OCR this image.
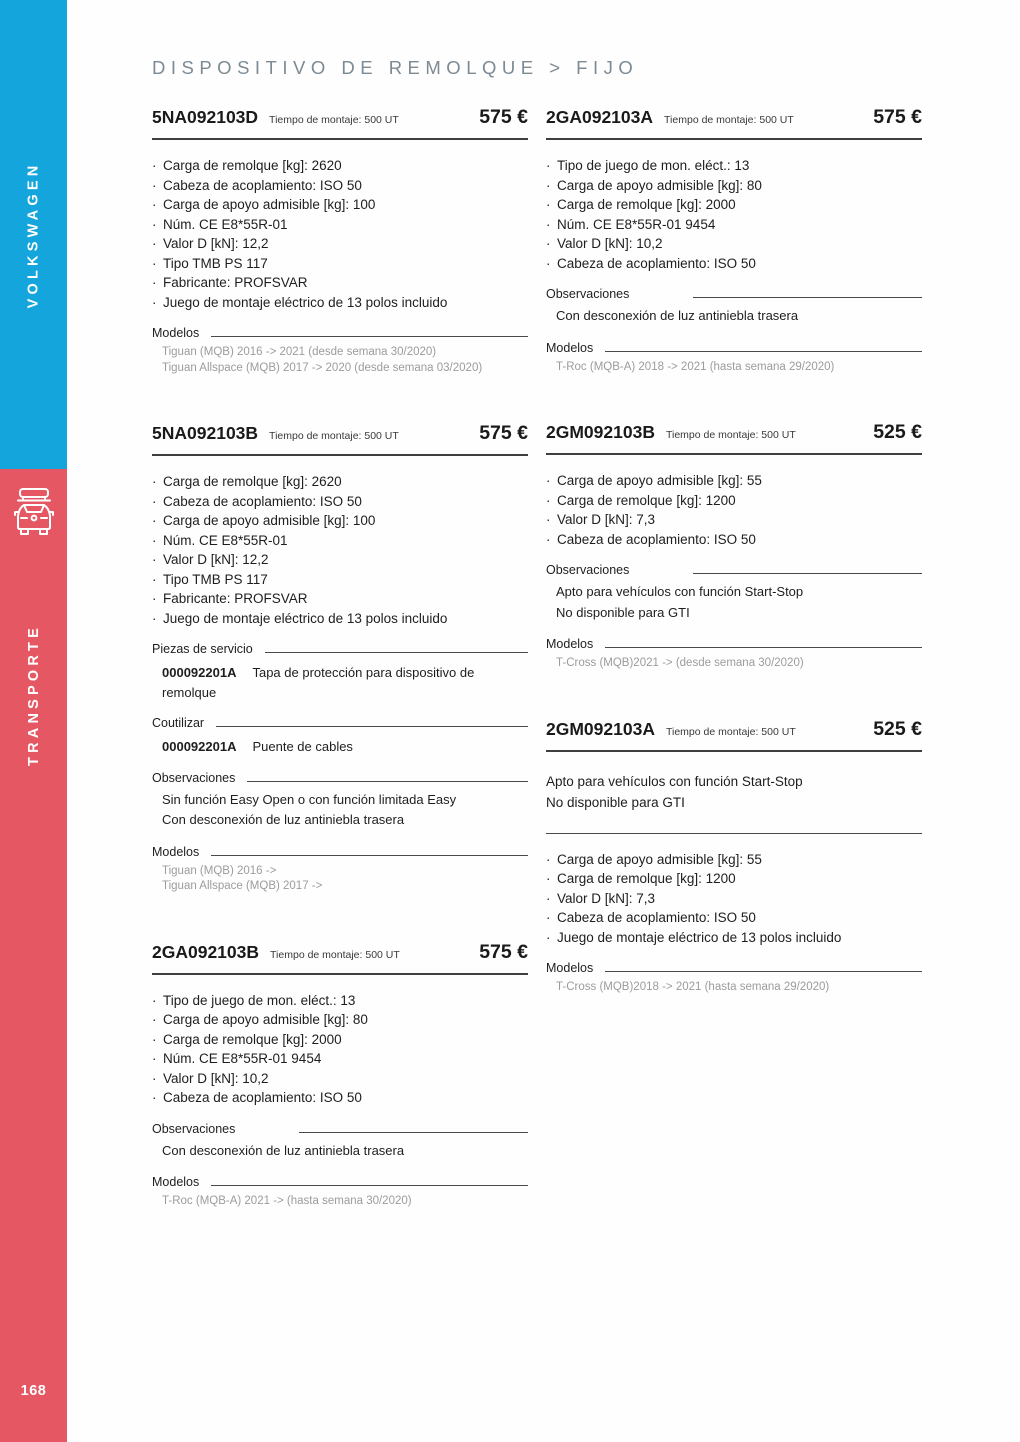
VOLKSWAGEN
TRANSPORTE
168
DISPOSITIVO DE REMOLQUE > FIJO
5NA092103D Tiempo de montaje: 500 UT	575 €
· Carga de remolque [kg]: 2620
· Cabeza de acoplamiento: ISO 50
· Carga de apoyo admisible [kg]: 100
· Núm. CE E8*55R-01
· Valor D [kN]: 12,2
· Tipo TMB PS 117
· Fabricante: PROFSVAR
· Juego de montaje eléctrico de 13 polos incluido
Modelos
Tiguan (MQB) 2016 -> 2021 (desde semana 30/2020)
Tiguan Allspace (MQB) 2017 -> 2020 (desde semana 03/2020)
5NA092103B Tiempo de montaje: 500 UT	575 €
· Carga de remolque [kg]: 2620
· Cabeza de acoplamiento: ISO 50
· Carga de apoyo admisible [kg]: 100
· Núm. CE E8*55R-01
· Valor D [kN]: 12,2
· Tipo TMB PS 117
· Fabricante: PROFSVAR
· Juego de montaje eléctrico de 13 polos incluido
Piezas de servicio
000092201A Tapa de protección para dispositivo de remolque
Coutilizar
000092201A Puente de cables
Observaciones
Sin función Easy Open o con función limitada Easy
Con desconexión de luz antiniebla trasera
Modelos
Tiguan (MQB) 2016 ->
Tiguan Allspace (MQB) 2017 ->
2GA092103B Tiempo de montaje: 500 UT	575 €
· Tipo de juego de mon. eléct.: 13
· Carga de apoyo admisible [kg]: 80
· Carga de remolque [kg]: 2000
· Núm. CE E8*55R-01 9454
· Valor D [kN]: 10,2
· Cabeza de acoplamiento: ISO 50
Observaciones
Con desconexión de luz antiniebla trasera
Modelos
T-Roc (MQB-A) 2021 -> (hasta semana 30/2020)
2GA092103A Tiempo de montaje: 500 UT	575 €
· Tipo de juego de mon. eléct.: 13
· Carga de apoyo admisible [kg]: 80
· Carga de remolque [kg]: 2000
· Núm. CE E8*55R-01 9454
· Valor D [kN]: 10,2
· Cabeza de acoplamiento: ISO 50
Observaciones
Con desconexión de luz antiniebla trasera
Modelos
T-Roc (MQB-A) 2018 -> 2021 (hasta semana 29/2020)
2GM092103B Tiempo de montaje: 500 UT	525 €
· Carga de apoyo admisible [kg]: 55
· Carga de remolque [kg]: 1200
· Valor D [kN]: 7,3
· Cabeza de acoplamiento: ISO 50
Observaciones
Apto para vehículos con función Start-Stop
No disponible para GTI
Modelos
T-Cross (MQB)2021 -> (desde semana 30/2020)
2GM092103A Tiempo de montaje: 500 UT	525 €
Apto para vehículos con función Start-Stop
No disponible para GTI
· Carga de apoyo admisible [kg]: 55
· Carga de remolque [kg]: 1200
· Valor D [kN]: 7,3
· Cabeza de acoplamiento: ISO 50
· Juego de montaje eléctrico de 13 polos incluido
Modelos
T-Cross (MQB)2018 -> 2021 (hasta semana 29/2020)
